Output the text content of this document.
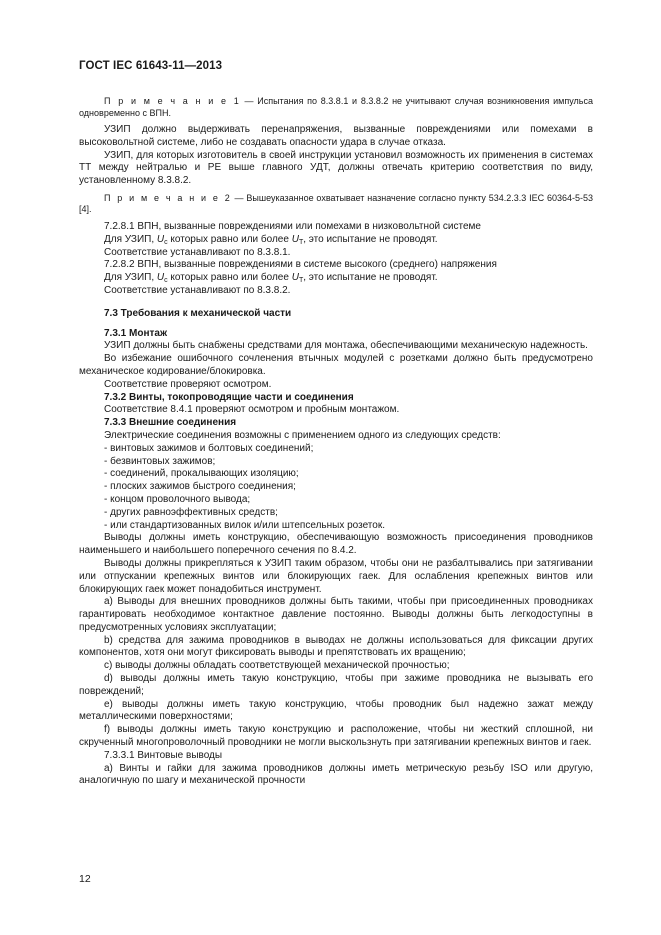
ГОСТ IEC 61643-11—2013

П р и м е ч а н и е 1 — Испытания по 8.3.8.1 и 8.3.8.2 не учитывают случая возникновения импульса одновременно с ВПН.

УЗИП должно выдерживать перенапряжения, вызванные повреждениями или помехами в высоковольтной системе, либо не создавать опасности удара в случае отказа.

УЗИП, для которых изготовитель в своей инструкции установил возможность их применения в системах ТТ между нейтралью и РЕ выше главного УДТ, должны отвечать критерию соответствия по виду, установленному 8.3.8.2.

П р и м е ч а н и е 2 — Вышеуказанное охватывает назначение согласно пункту 534.2.3.3 IEC 60364-5-53 [4].

7.2.8.1 ВПН, вызванные повреждениями или помехами в низковольтной системе

Для УЗИП, $U_c$ которых равно или более $U_T$, это испытание не проводят.

Соответствие устанавливают по 8.3.8.1.

7.2.8.2 ВПН, вызванные повреждениями в системе высокого (среднего) напряжения

Для УЗИП, $U_c$ которых равно или более $U_T$, это испытание не проводят.

Соответствие устанавливают по 8.3.8.2.

7.3 Требования к механической части

7.3.1 Монтаж

УЗИП должны быть снабжены средствами для монтажа, обеспечивающими механическую надежность.

Во избежание ошибочного сочленения втычных модулей с розетками должно быть предусмотрено механическое кодирование/блокировка.

Соответствие проверяют осмотром.

7.3.2 Винты, токопроводящие части и соединения

Соответствие 8.4.1 проверяют осмотром и пробным монтажом.

7.3.3 Внешние соединения

Электрические соединения возможны с применением одного из следующих средств:

- винтовых зажимов и болтовых соединений;

- безвинтовых зажимов;

- соединений, прокалывающих изоляцию;

- плоских зажимов быстрого соединения;

- концом проволочного вывода;

- других равноэффективных средств;

- или стандартизованных вилок и/или штепсельных розеток.

Выводы должны иметь конструкцию, обеспечивающую возможность присоединения проводников наименьшего и наибольшего поперечного сечения по 8.4.2.

Выводы должны прикрепляться к УЗИП таким образом, чтобы они не разбалтывались при затягивании или отпускании крепежных винтов или блокирующих гаек. Для ослабления крепежных винтов или блокирующих гаек может понадобиться инструмент.

a) Выводы для внешних проводников должны быть такими, чтобы при присоединенных проводниках гарантировать необходимое контактное давление постоянно. Выводы должны быть легкодоступны в предусмотренных условиях эксплуатации;

b) средства для зажима проводников в выводах не должны использоваться для фиксации других компонентов, хотя они могут фиксировать выводы и препятствовать их вращению;

c) выводы должны обладать соответствующей механической прочностью;

d) выводы должны иметь такую конструкцию, чтобы при зажиме проводника не вызывать его повреждений;

e) выводы должны иметь такую конструкцию, чтобы проводник был надежно зажат между металлическими поверхностями;

f) выводы должны иметь такую конструкцию и расположение, чтобы ни жесткий сплошной, ни скрученный многопроволочный проводники не могли выскользнуть при затягивании крепежных винтов и гаек.

7.3.3.1 Винтовые выводы

a) Винты и гайки для зажима проводников должны иметь метрическую резьбу ISO или другую, аналогичную по шагу и механической прочности

12
